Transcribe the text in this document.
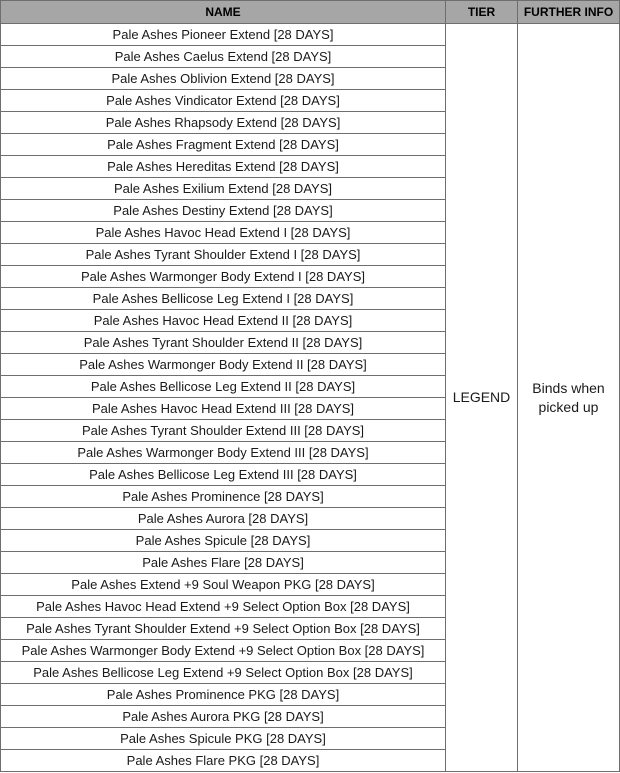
NAME	TIER	FURTHER INFO
Pale Ashes Pioneer Extend [28 DAYS]	LEGEND	Binds when picked up
Pale Ashes Caelus Extend [28 DAYS]		
Pale Ashes Oblivion Extend [28 DAYS]		
Pale Ashes Vindicator Extend [28 DAYS]		
Pale Ashes Rhapsody Extend [28 DAYS]		
Pale Ashes Fragment Extend [28 DAYS]		
Pale Ashes Hereditas Extend [28 DAYS]		
Pale Ashes Exilium Extend [28 DAYS]		
Pale Ashes Destiny Extend [28 DAYS]		
Pale Ashes Havoc Head Extend I [28 DAYS]		
Pale Ashes Tyrant Shoulder Extend I [28 DAYS]		
Pale Ashes Warmonger Body Extend I [28 DAYS]		
Pale Ashes Bellicose Leg Extend I [28 DAYS]		
Pale Ashes Havoc Head Extend II [28 DAYS]		
Pale Ashes Tyrant Shoulder Extend II [28 DAYS]		
Pale Ashes Warmonger Body Extend II [28 DAYS]		
Pale Ashes Bellicose Leg Extend II [28 DAYS]		
Pale Ashes Havoc Head Extend III [28 DAYS]		
Pale Ashes Tyrant Shoulder Extend III [28 DAYS]		
Pale Ashes Warmonger Body Extend III [28 DAYS]		
Pale Ashes Bellicose Leg Extend III [28 DAYS]		
Pale Ashes Prominence [28 DAYS]		
Pale Ashes Aurora [28 DAYS]		
Pale Ashes Spicule [28 DAYS]		
Pale Ashes Flare [28 DAYS]		
Pale Ashes Extend +9 Soul Weapon PKG [28 DAYS]		
Pale Ashes Havoc Head Extend +9 Select Option Box [28 DAYS]		
Pale Ashes Tyrant Shoulder Extend +9 Select Option Box [28 DAYS]		
Pale Ashes Warmonger Body Extend +9 Select Option Box [28 DAYS]		
Pale Ashes Bellicose Leg Extend +9 Select Option Box [28 DAYS]		
Pale Ashes Prominence PKG [28 DAYS]		
Pale Ashes Aurora PKG [28 DAYS]		
Pale Ashes Spicule PKG [28 DAYS]		
Pale Ashes Flare PKG [28 DAYS]		
